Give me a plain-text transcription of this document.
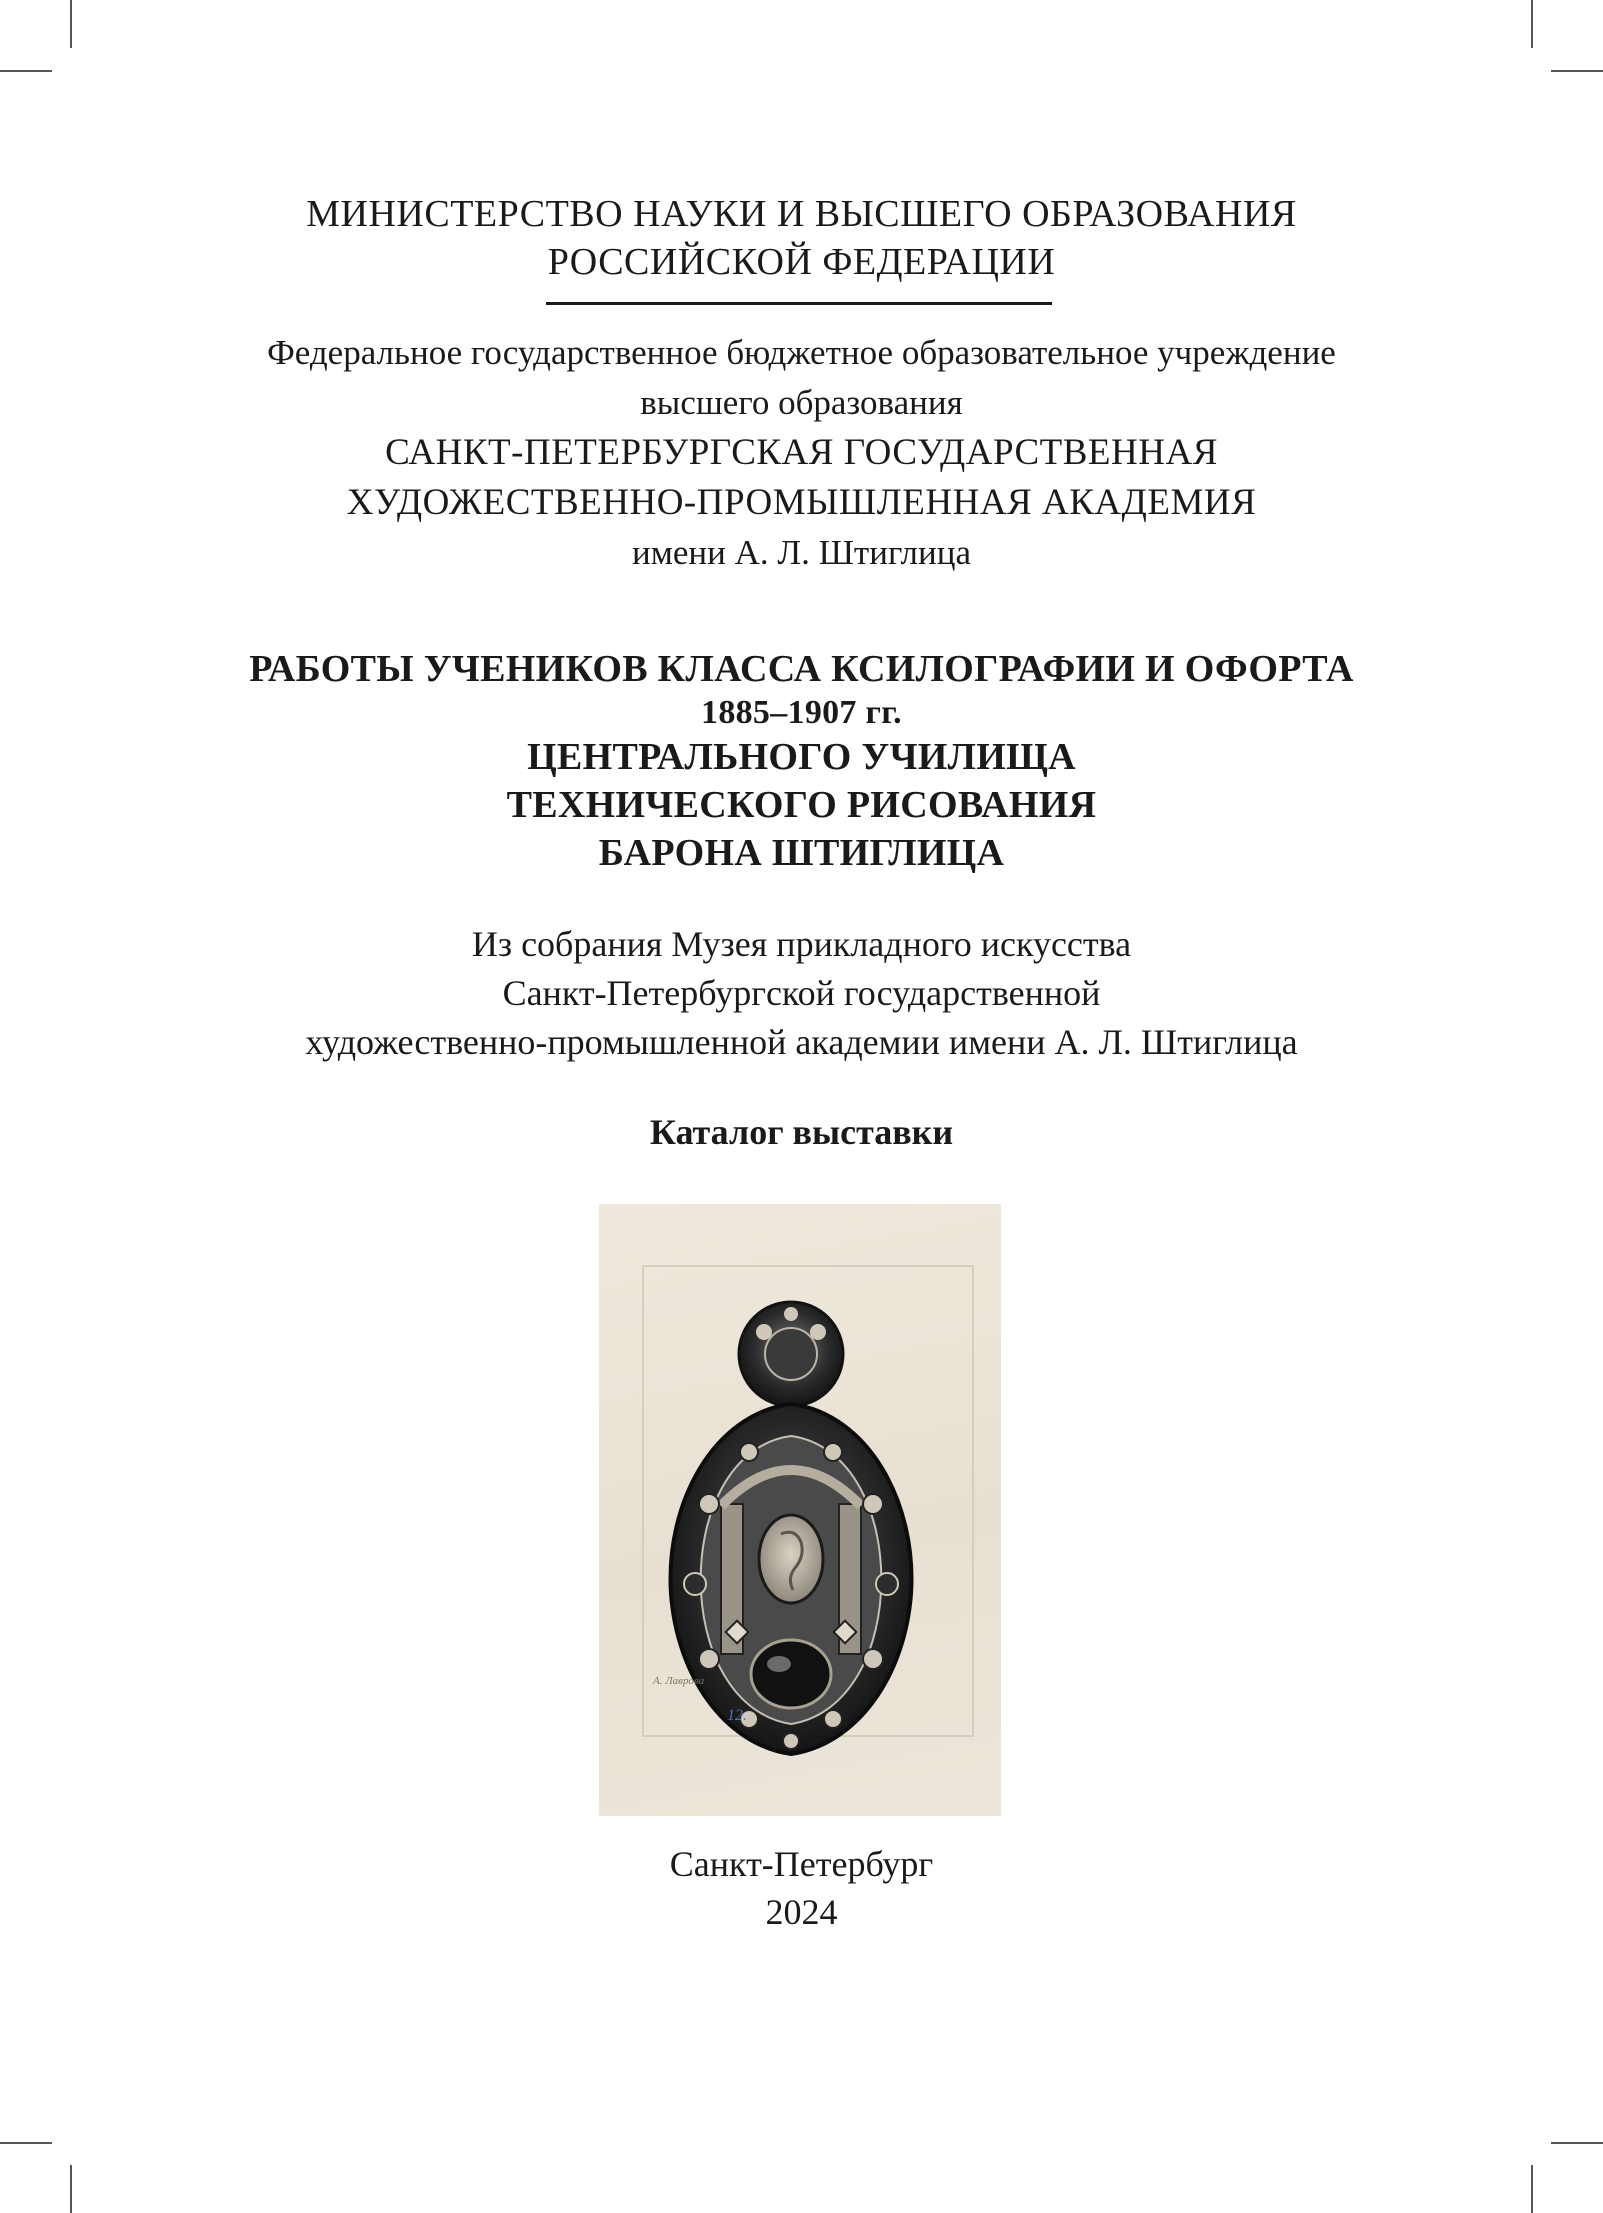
МИНИСТЕРСТВО НАУКИ И ВЫСШЕГО ОБРАЗОВАНИЯ
РОССИЙСКОЙ ФЕДЕРАЦИИ
Федеральное государственное бюджетное образовательное учреждение
высшего образования
САНКТ-ПЕТЕРБУРГСКАЯ ГОСУДАРСТВЕННАЯ
ХУДОЖЕСТВЕННО-ПРОМЫШЛЕННАЯ АКАДЕМИЯ
имени А. Л. Штиглица
РАБОТЫ УЧЕНИКОВ КЛАССА КСИЛОГРАФИИ И ОФОРТА
1885–1907 гг.
ЦЕНТРАЛЬНОГО УЧИЛИЩА
ТЕХНИЧЕСКОГО РИСОВАНИЯ
БАРОНА ШТИГЛИЦА
Из собрания Музея прикладного искусства
Санкт-Петербургской государственной
художественно-промышленной академии имени А. Л. Штиглица
Каталог выставки
А. Лаврова
12.
Санкт-Петербург
2024
